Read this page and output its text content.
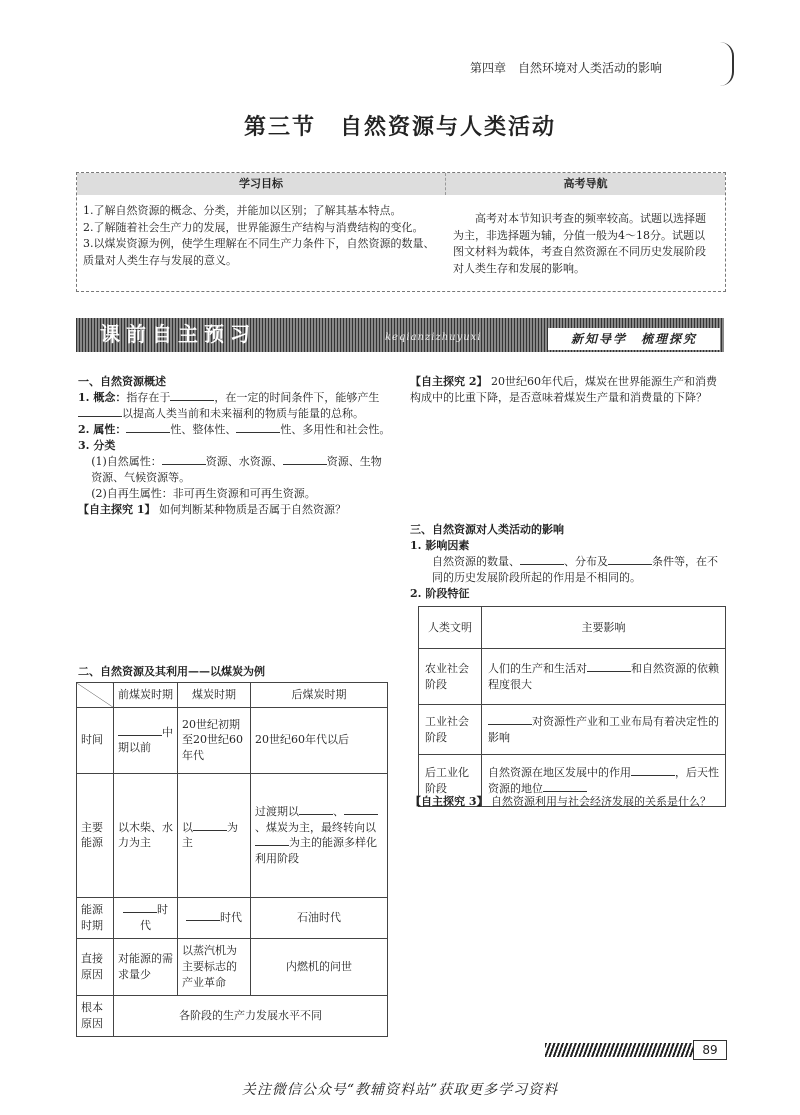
第四章　自然环境对人类活动的影响
第三节　自然资源与人类活动
学习目标	高考导航

1.了解自然资源的概念、分类，并能加以区别；了解其基本特点。

2.了解随着社会生产力的发展，世界能源生产结构与消费结构的变化。

3.以煤炭资源为例，使学生理解在不同生产力条件下，自然资源的数量、质量对人类生存与发展的意义。

高考对本节知识考查的频率较高。试题以选择题为主，非选择题为辅，分值一般为4～18分。试题以图文材料为载体，考查自然资源在不同历史发展阶段对人类生存和发展的影响。
课前自主预习	keqianzizhuyuxi	新知导学　梳理探究

一、自然资源概述

1. 概念：指存在于	，在一定的时间条件下，能够产生以提高人类当前和未来福利的物质与能量的总称。

2. 属性：	性、整体性、	性、多用性和社会性。

3. 分类

(1)自然属性：	资源、水资源、	资源、生物资源、气候资源等。

(2)自再生属性：非可再生资源和可再生资源。

【自主探究 1】 如何判断某种物质是否属于自然资源？

二、自然资源及其利用——以煤炭为例

	前煤炭时期	煤炭时期	后煤炭时期
时间	中期以前	20世纪初期至20世纪60年代	20世纪60年代以后
主要能源	以木柴、水力为主	以 为主	过渡期以 、、煤炭为主，最终转向以为主的能源多样化利用阶段
能源时期	时代	时代	石油时代
直接原因	对能源的需求量少	以蒸汽机为主要标志的产业革命	内燃机的问世
根本原因	各阶段的生产力发展水平不同		

【自主探究 2】 20世纪60年代后，煤炭在世界能源生产和消费构成中的比重下降，是否意味着煤炭生产量和消费量的下降？

三、自然资源对人类活动的影响

1. 影响因素

自然资源的数量、	、分布及	条件等，在不同的历史发展阶段所起的作用是不相同的。

2. 阶段特征

人类文明	主要影响
农业社会阶段	人们的生产和生活对 和自然资源的依赖程度很大
工业社会阶段	对资源性产业和工业布局有着决定性的影响
后工业化阶段	自然资源在地区发展中的作用 ，后天性资源的地位

【自主探究 3】 自然资源利用与社会经济发展的关系是什么？

89
关注微信公众号“教辅资料站”获取更多学习资料
